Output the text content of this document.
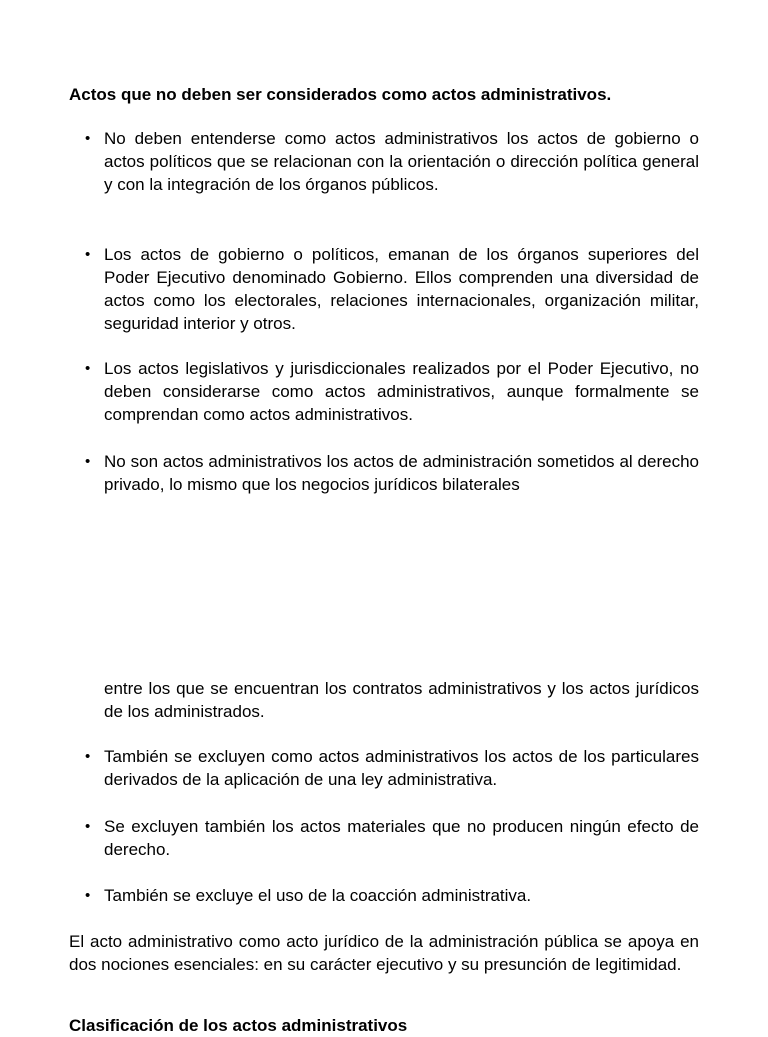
Actos que no deben ser considerados como actos administrativos.
• No deben entenderse como actos administrativos los actos de gobierno o actos políticos que se relacionan con la orientación o dirección política general y con la integración de los órganos públicos.
• Los actos de gobierno o políticos, emanan de los órganos superiores del Poder Ejecutivo denominado Gobierno. Ellos comprenden una diversidad de actos como los electorales, relaciones internacionales, organización militar, seguridad interior y otros.
• Los actos legislativos y jurisdiccionales realizados por el Poder Ejecutivo, no deben considerarse como actos administrativos, aunque formalmente se comprendan como actos administrativos.
• No son actos administrativos los actos de administración sometidos al derecho privado, lo mismo que los negocios jurídicos bilaterales
entre los que se encuentran los contratos administrativos y los actos jurídicos de los administrados.
• También se excluyen como actos administrativos los actos de los particulares derivados de la aplicación de una ley administrativa.
• Se excluyen también los actos materiales que no producen ningún efecto de derecho.
• También se excluye el uso de la coacción administrativa.
El acto administrativo como acto jurídico de la administración pública se apoya en dos nociones esenciales: en su carácter ejecutivo y su presunción de legitimidad.
Clasificación de los actos administrativos
